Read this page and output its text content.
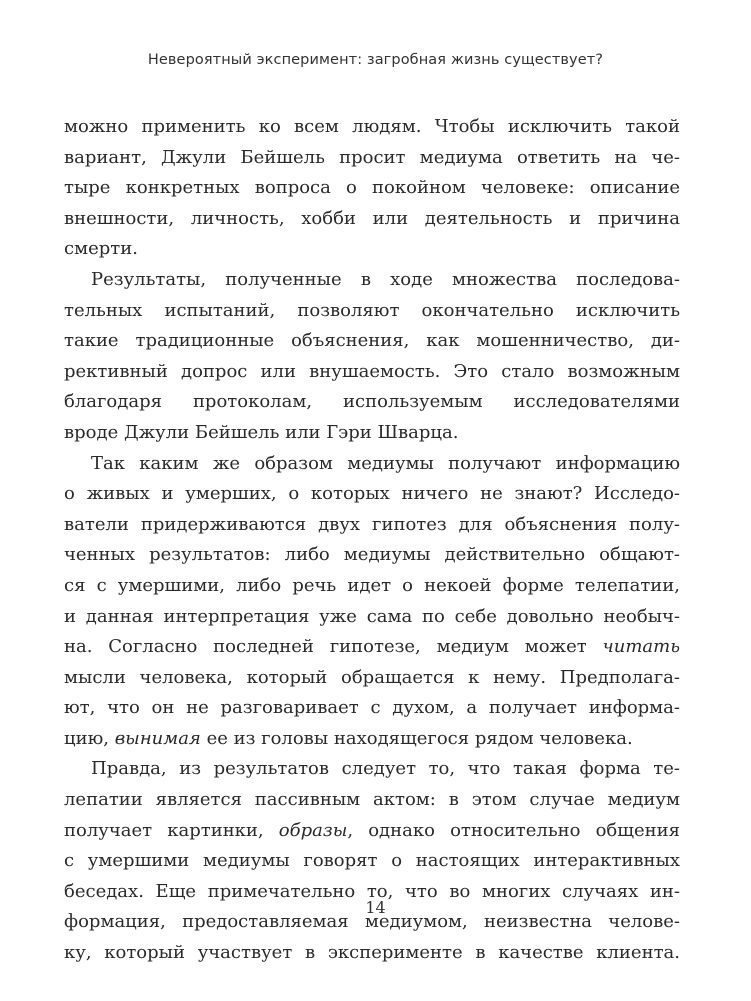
Невероятный эксперимент: загробная жизнь существует?
можно применить ко всем людям. Чтобы исключить такой
вариант, Джули Бейшель просит медиума ответить на че-
тыре конкретных вопроса о покойном человеке: описание
внешности, личность, хобби или деятельность и причина
смерти.
Результаты, полученные в ходе множества последова-
тельных испытаний, позволяют окончательно исключить
такие традиционные объяснения, как мошенничество, ди-
рективный допрос или внушаемость. Это стало возможным
благодаря протоколам, используемым исследователями
вроде Джули Бейшель или Гэри Шварца.
Так каким же образом медиумы получают информацию
о живых и умерших, о которых ничего не знают? Исследо-
ватели придерживаются двух гипотез для объяснения полу-
ченных результатов: либо медиумы действительно общают-
ся с умершими, либо речь идет о некоей форме телепатии,
и данная интерпретация уже сама по себе довольно необыч-
на. Согласно последней гипотезе, медиум может читать
мысли человека, который обращается к нему. Предполага-
ют, что он не разговаривает с духом, а получает информа-
цию, вынимая ее из головы находящегося рядом человека.
Правда, из результатов следует то, что такая форма те-
лепатии является пассивным актом: в этом случае медиум
получает картинки, образы, однако относительно общения
с умершими медиумы говорят о настоящих интерактивных
беседах. Еще примечательно то, что во многих случаях ин-
формация, предоставляемая медиумом, неизвестна челове-
ку, который участвует в эксперименте в качестве клиента.
14
